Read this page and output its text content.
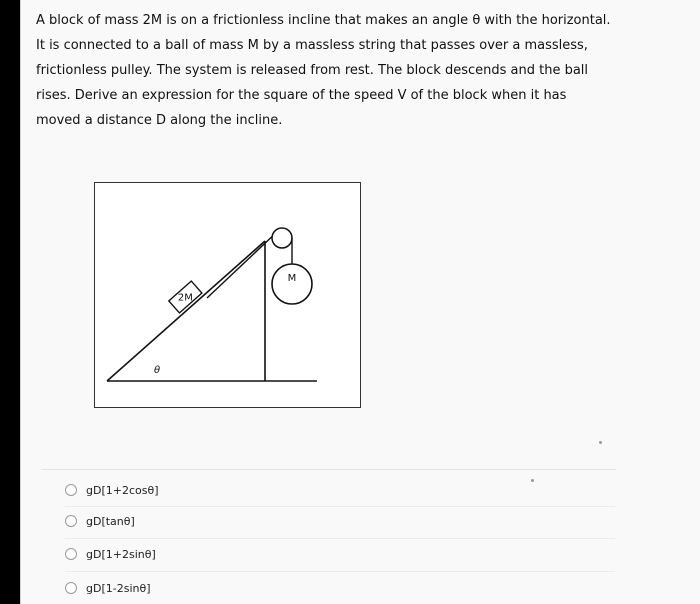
A block of mass 2M is on a frictionless incline that makes an angle θ with the horizontal.
It is connected to a ball of mass M by a massless string that passes over a massless,
frictionless pulley. The system is released from rest. The block descends and the ball
rises. Derive an expression for the square of the speed V of the block when it has
moved a distance D along the incline.
M
2M
θ
gD[1+2cosθ]
gD[tanθ]
gD[1+2sinθ]
gD[1-2sinθ]
